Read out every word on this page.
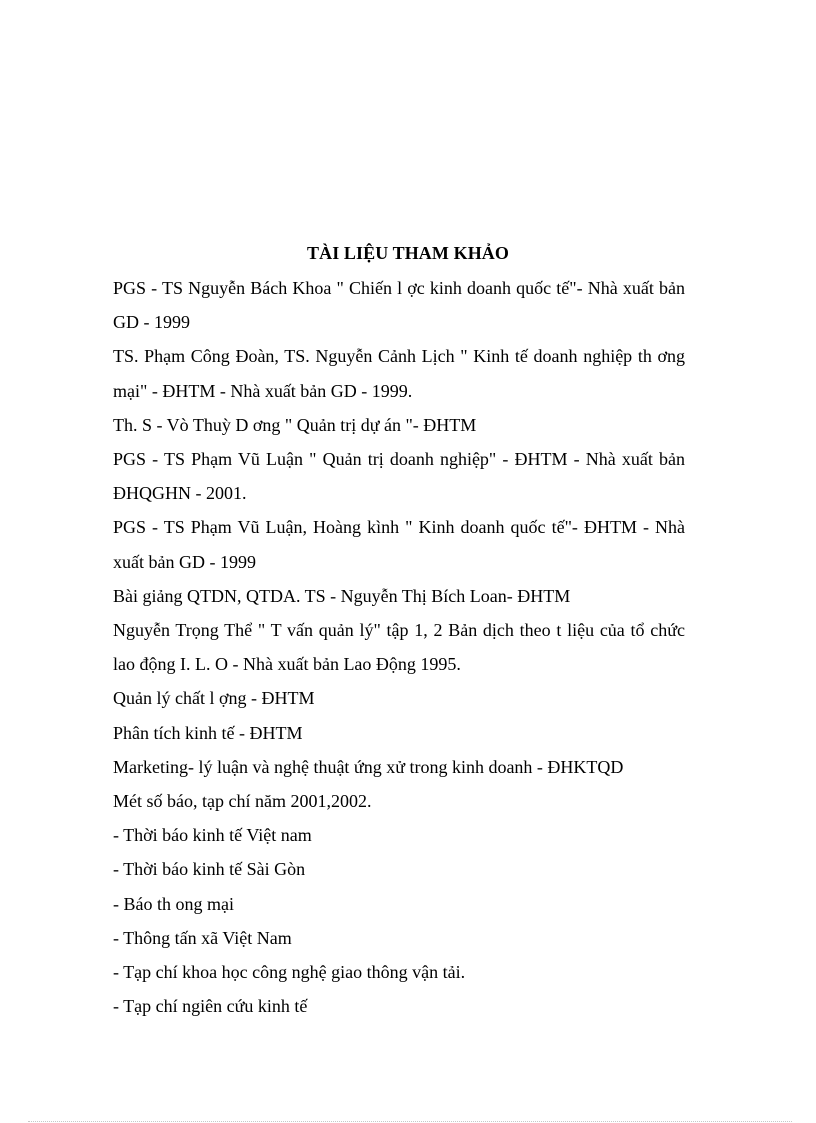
TÀI LIỆU THAM KHẢO
PGS - TS Nguyễn Bách Khoa " Chiến l ợc kinh doanh quốc tế"- Nhà xuất bản GD - 1999
TS. Phạm Công Đoàn, TS. Nguyễn Cảnh Lịch " Kinh tế doanh nghiệp th ơng mại" - ĐHTM - Nhà xuất bản GD - 1999.
Th. S - Vò Thuỳ D ơng " Quản trị dự án "- ĐHTM
PGS - TS Phạm Vũ Luận " Quản trị doanh nghiệp" - ĐHTM - Nhà xuất bản ĐHQGHN - 2001.
PGS - TS Phạm Vũ Luận, Hoàng kình " Kinh doanh quốc tế"- ĐHTM - Nhà xuất bản GD - 1999
Bài giảng QTDN, QTDA. TS - Nguyễn Thị Bích Loan- ĐHTM
Nguyễn Trọng Thể " T vấn quản lý" tập 1, 2 Bản dịch theo t liệu của tổ chức lao động I. L. O - Nhà xuất bản Lao Động 1995.
Quản lý chất l ợng - ĐHTM
Phân tích kinh tế - ĐHTM
Marketing- lý luận và nghệ thuật ứng xử trong kinh doanh - ĐHKTQD
Mét số báo, tạp chí năm 2001,2002.
- Thời báo kinh tế Việt nam
- Thời báo kinh tế Sài Gòn
- Báo th ong mại
- Thông tấn xã Việt Nam
- Tạp chí khoa học công nghệ giao thông vận tải.
- Tạp chí ngiên cứu kinh tế
